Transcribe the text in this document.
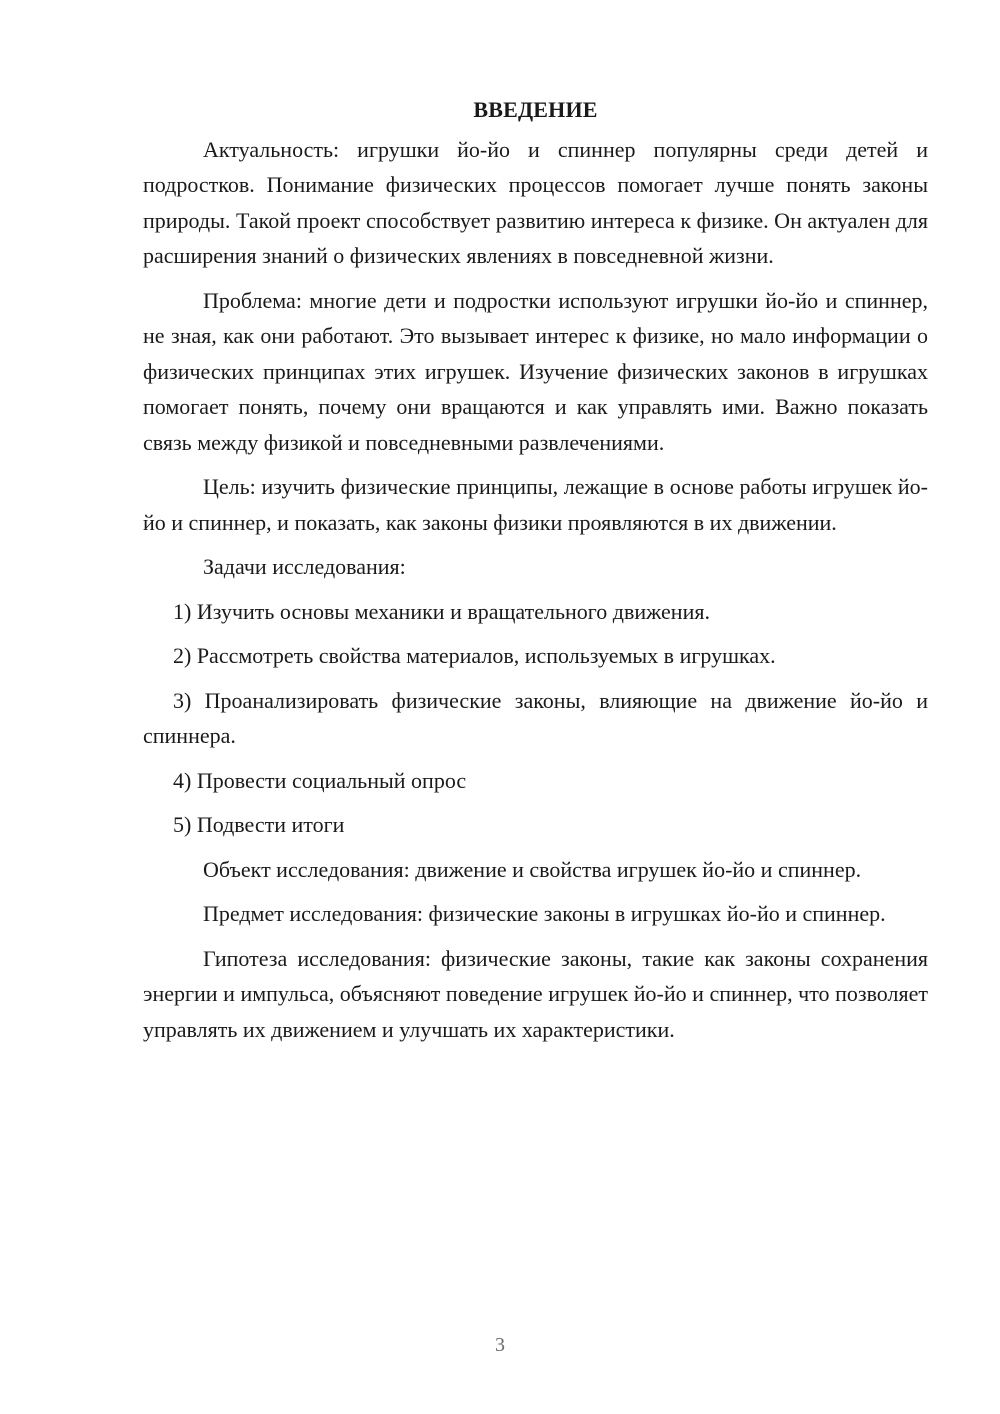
ВВЕДЕНИЕ

Актуальность: игрушки йо-йо и спиннер популярны среди детей и подростков. Понимание физических процессов помогает лучше понять законы природы. Такой проект способствует развитию интереса к физике. Он актуален для расширения знаний о физических явлениях в повседневной жизни.

Проблема: многие дети и подростки используют игрушки йо-йо и спиннер, не зная, как они работают. Это вызывает интерес к физике, но мало информации о физических принципах этих игрушек. Изучение физических законов в игрушках помогает понять, почему они вращаются и как управлять ими. Важно показать связь между физикой и повседневными развлечениями.

Цель: изучить физические принципы, лежащие в основе работы игрушек йо-йо и спиннер, и показать, как законы физики проявляются в их движении.

Задачи исследования:

1) Изучить основы механики и вращательного движения.

2) Рассмотреть свойства материалов, используемых в игрушках.

3) Проанализировать физические законы, влияющие на движение йо-йо и спиннера.

4) Провести социальный опрос

5) Подвести итоги

Объект исследования: движение и свойства игрушек йо-йо и спиннер.

Предмет исследования: физические законы в игрушках йо-йо и спиннер.

Гипотеза исследования: физические законы, такие как законы сохранения энергии и импульса, объясняют поведение игрушек йо-йо и спиннер, что позволяет управлять их движением и улучшать их характеристики.

3
